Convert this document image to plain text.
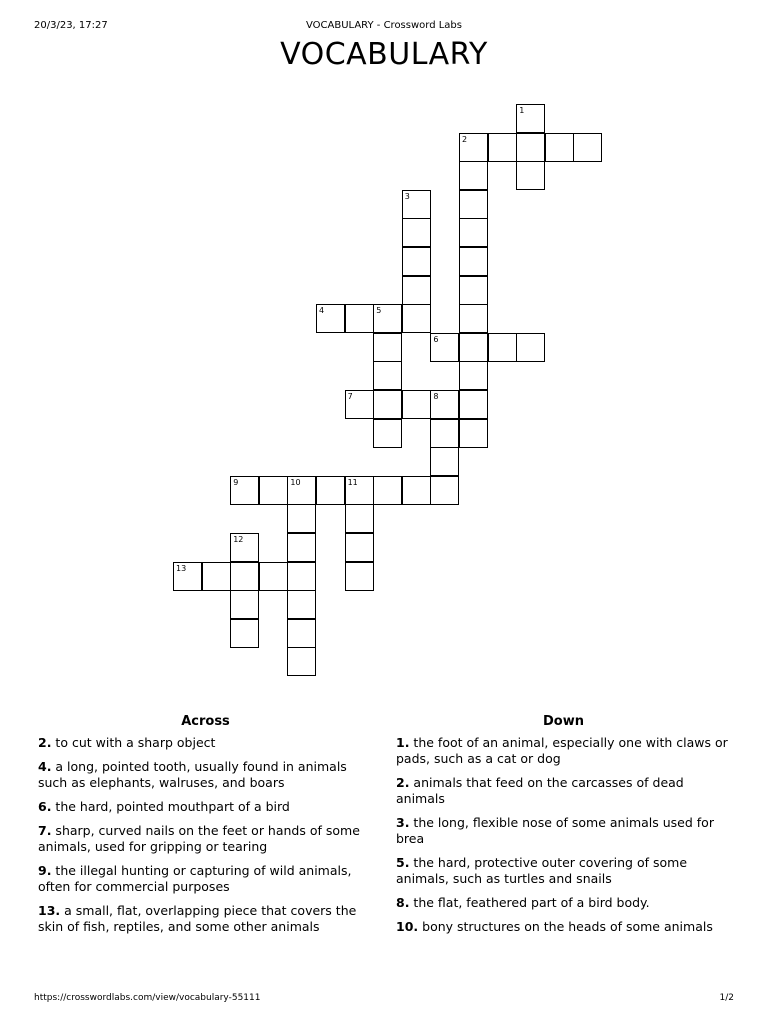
20/3/23, 17:27	VOCABULARY - Crossword Labs
VOCABULARY
1
2
3
4	5
6
7	8
9	10	11
12
13
Across
2. to cut with a sharp object
4. a long, pointed tooth, usually found in animals such as elephants, walruses, and boars
6. the hard, pointed mouthpart of a bird
7. sharp, curved nails on the feet or hands of some animals, used for gripping or tearing
9. the illegal hunting or capturing of wild animals, often for commercial purposes
13. a small, flat, overlapping piece that covers the skin of fish, reptiles, and some other animals
Down
1. the foot of an animal, especially one with claws or pads, such as a cat or dog
2. animals that feed on the carcasses of dead animals
3. the long, flexible nose of some animals used for brea
5. the hard, protective outer covering of some animals, such as turtles and snails
8. the flat, feathered part of a bird body.
10. bony structures on the heads of some animals
https://crosswordlabs.com/view/vocabulary-55111	1/2
